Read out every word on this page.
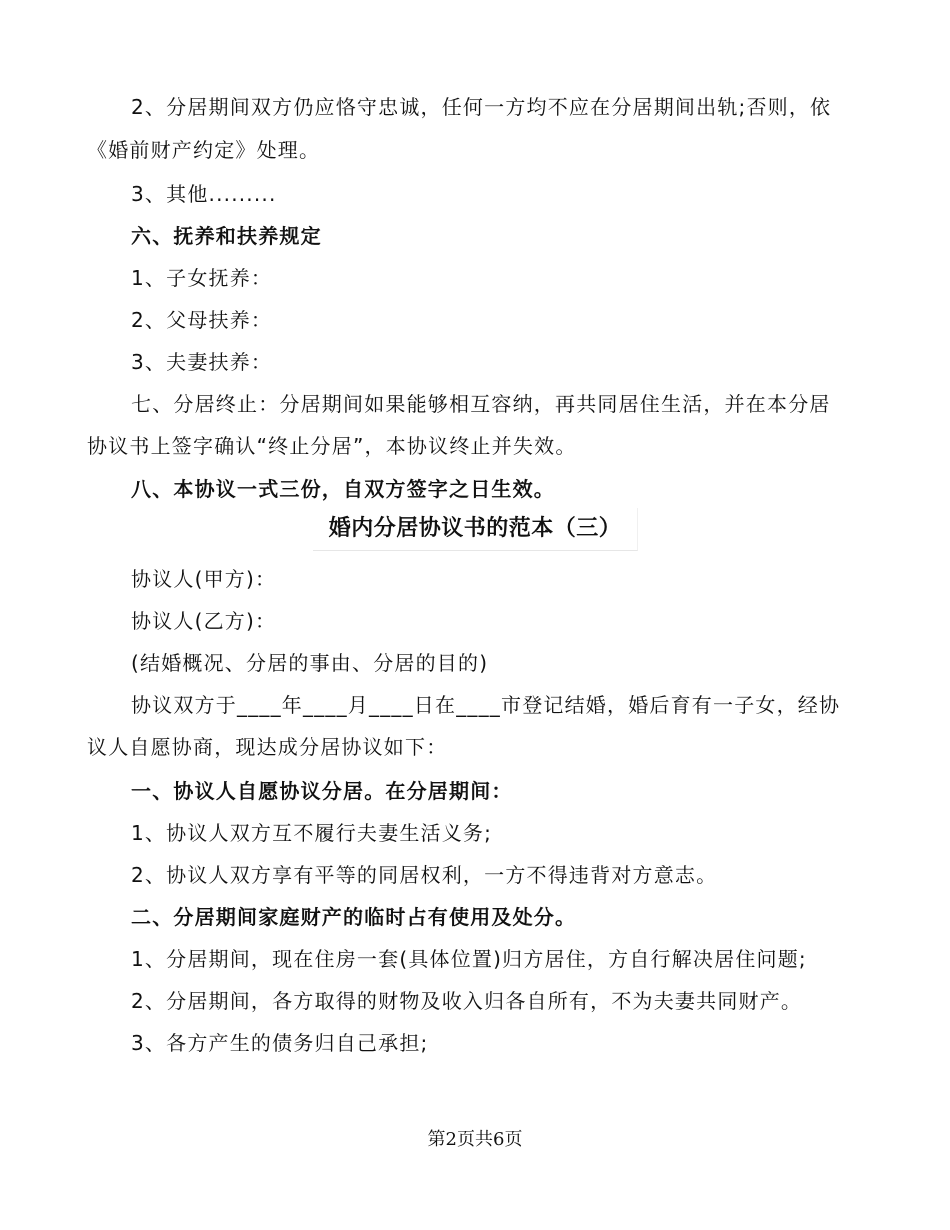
2、分居期间双方仍应恪守忠诚，任何一方均不应在分居期间出轨;否则，依
《婚前财产约定》处理。
3、其他.........
六、抚养和扶养规定
1、子女抚养：
2、父母扶养：
3、夫妻扶养：
七、分居终止：分居期间如果能够相互容纳，再共同居住生活，并在本分居
协议书上签字确认“终止分居”，本协议终止并失效。
八、本协议一式三份，自双方签字之日生效。
婚内分居协议书的范本（三）
协议人(甲方)：
协议人(乙方)：
(结婚概况、分居的事由、分居的目的)
协议双方于____年____月____日在____市登记结婚，婚后育有一子女，经协
议人自愿协商，现达成分居协议如下：
一、协议人自愿协议分居。在分居期间：
1、协议人双方互不履行夫妻生活义务;
2、协议人双方享有平等的同居权利，一方不得违背对方意志。
二、分居期间家庭财产的临时占有使用及处分。
1、分居期间，现在住房一套(具体位置)归方居住，方自行解决居住问题;
2、分居期间，各方取得的财物及收入归各自所有，不为夫妻共同财产。
3、各方产生的债务归自己承担;
第2页共6页
